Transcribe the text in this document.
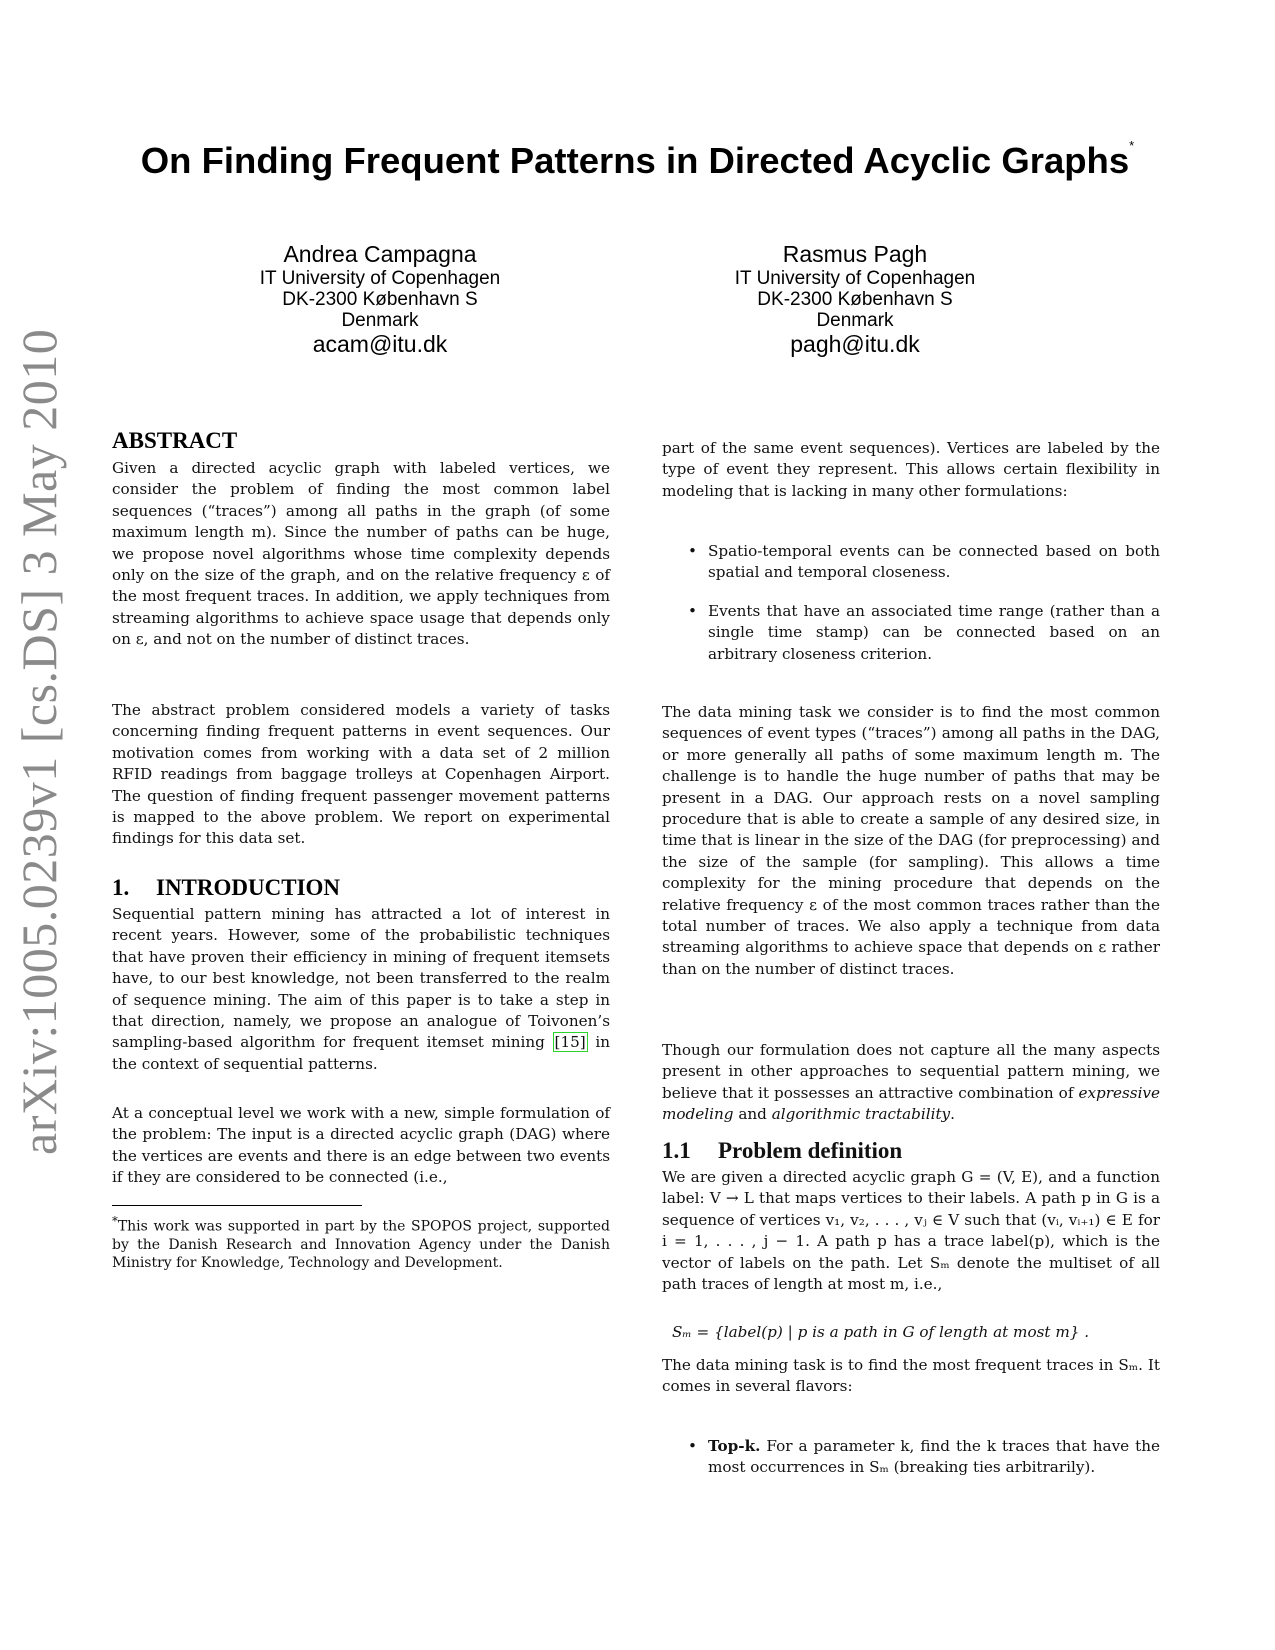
arXiv:1005.0239v1 [cs.DS] 3 May 2010
On Finding Frequent Patterns in Directed Acyclic Graphs*
Andrea Campagna
IT University of Copenhagen
DK-2300 København S
Denmark
acam@itu.dk
Rasmus Pagh
IT University of Copenhagen
DK-2300 København S
Denmark
pagh@itu.dk
ABSTRACT

Given a directed acyclic graph with labeled vertices, we consider the problem of finding the most common label sequences (“traces”) among all paths in the graph (of some maximum length m). Since the number of paths can be huge, we propose novel algorithms whose time complexity depends only on the size of the graph, and on the relative frequency ε of the most frequent traces. In addition, we apply techniques from streaming algorithms to achieve space usage that depends only on ε, and not on the number of distinct traces.

The abstract problem considered models a variety of tasks concerning finding frequent patterns in event sequences. Our motivation comes from working with a data set of 2 million RFID readings from baggage trolleys at Copenhagen Airport. The question of finding frequent passenger movement patterns is mapped to the above problem. We report on experimental findings for this data set.

1. INTRODUCTION

Sequential pattern mining has attracted a lot of interest in recent years. However, some of the probabilistic techniques that have proven their efficiency in mining of frequent itemsets have, to our best knowledge, not been transferred to the realm of sequence mining. The aim of this paper is to take a step in that direction, namely, we propose an analogue of Toivonen’s sampling-based algorithm for frequent itemset mining [15] in the context of sequential patterns.

At a conceptual level we work with a new, simple formulation of the problem: The input is a directed acyclic graph (DAG) where the vertices are events and there is an edge between two events if they are considered to be connected (i.e.,

*This work was supported in part by the SPOPOS project, supported by the Danish Research and Innovation Agency under the Danish Ministry for Knowledge, Technology and Development.

part of the same event sequences). Vertices are labeled by the type of event they represent. This allows certain flexibility in modeling that is lacking in many other formulations:

• Spatio-temporal events can be connected based on both spatial and temporal closeness.
• Events that have an associated time range (rather than a single time stamp) can be connected based on an arbitrary closeness criterion.

The data mining task we consider is to find the most common sequences of event types (“traces”) among all paths in the DAG, or more generally all paths of some maximum length m. The challenge is to handle the huge number of paths that may be present in a DAG. Our approach rests on a novel sampling procedure that is able to create a sample of any desired size, in time that is linear in the size of the DAG (for preprocessing) and the size of the sample (for sampling). This allows a time complexity for the mining procedure that depends on the relative frequency ε of the most common traces rather than the total number of traces. We also apply a technique from data streaming algorithms to achieve space that depends on ε rather than on the number of distinct traces.

Though our formulation does not capture all the many aspects present in other approaches to sequential pattern mining, we believe that it possesses an attractive combination of expressive modeling and algorithmic tractability.

1.1 Problem definition

We are given a directed acyclic graph G = (V, E), and a function label: V → L that maps vertices to their labels. A path p in G is a sequence of vertices v₁, v₂, . . . , vⱼ ∈ V such that (vᵢ, vᵢ₊₁) ∈ E for i = 1, . . . , j − 1. A path p has a trace label(p), which is the vector of labels on the path. Let Sₘ denote the multiset of all path traces of length at most m, i.e.,

Sₘ = {label(p) | p is a path in G of length at most m} .

The data mining task is to find the most frequent traces in Sₘ. It comes in several flavors:

• Top-k. For a parameter k, find the k traces that have the most occurrences in Sₘ (breaking ties arbitrarily).
